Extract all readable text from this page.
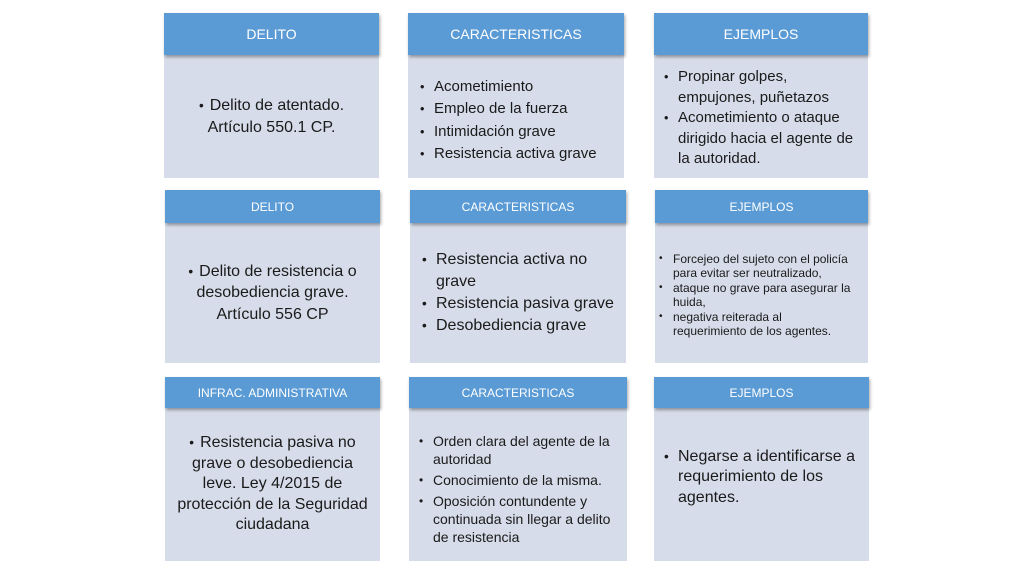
DELITO
• Delito de atentado. Artículo 550.1 CP.
CARACTERISTICAS
• Acometimiento
• Empleo de la fuerza
• Intimidación grave
• Resistencia activa grave
EJEMPLOS
• Propinar golpes, empujones, puñetazos
• Acometimiento o ataque dirigido hacia el agente de la autoridad.
DELITO
• Delito de resistencia o desobediencia grave. Artículo 556 CP
CARACTERISTICAS
• Resistencia activa no grave
• Resistencia pasiva grave
• Desobediencia grave
EJEMPLOS
• Forcejeo del sujeto con el policía para evitar ser neutralizado,
• ataque no grave para asegurar la huida,
• negativa reiterada al requerimiento de los agentes.
INFRAC. ADMINISTRATIVA
• Resistencia pasiva no grave o desobediencia leve. Ley 4/2015 de protección de la Seguridad ciudadana
CARACTERISTICAS
• Orden clara del agente de la autoridad
• Conocimiento de la misma.
• Oposición contundente y continuada sin llegar a delito de resistencia
EJEMPLOS
• Negarse a identificarse a requerimiento de los agentes.
